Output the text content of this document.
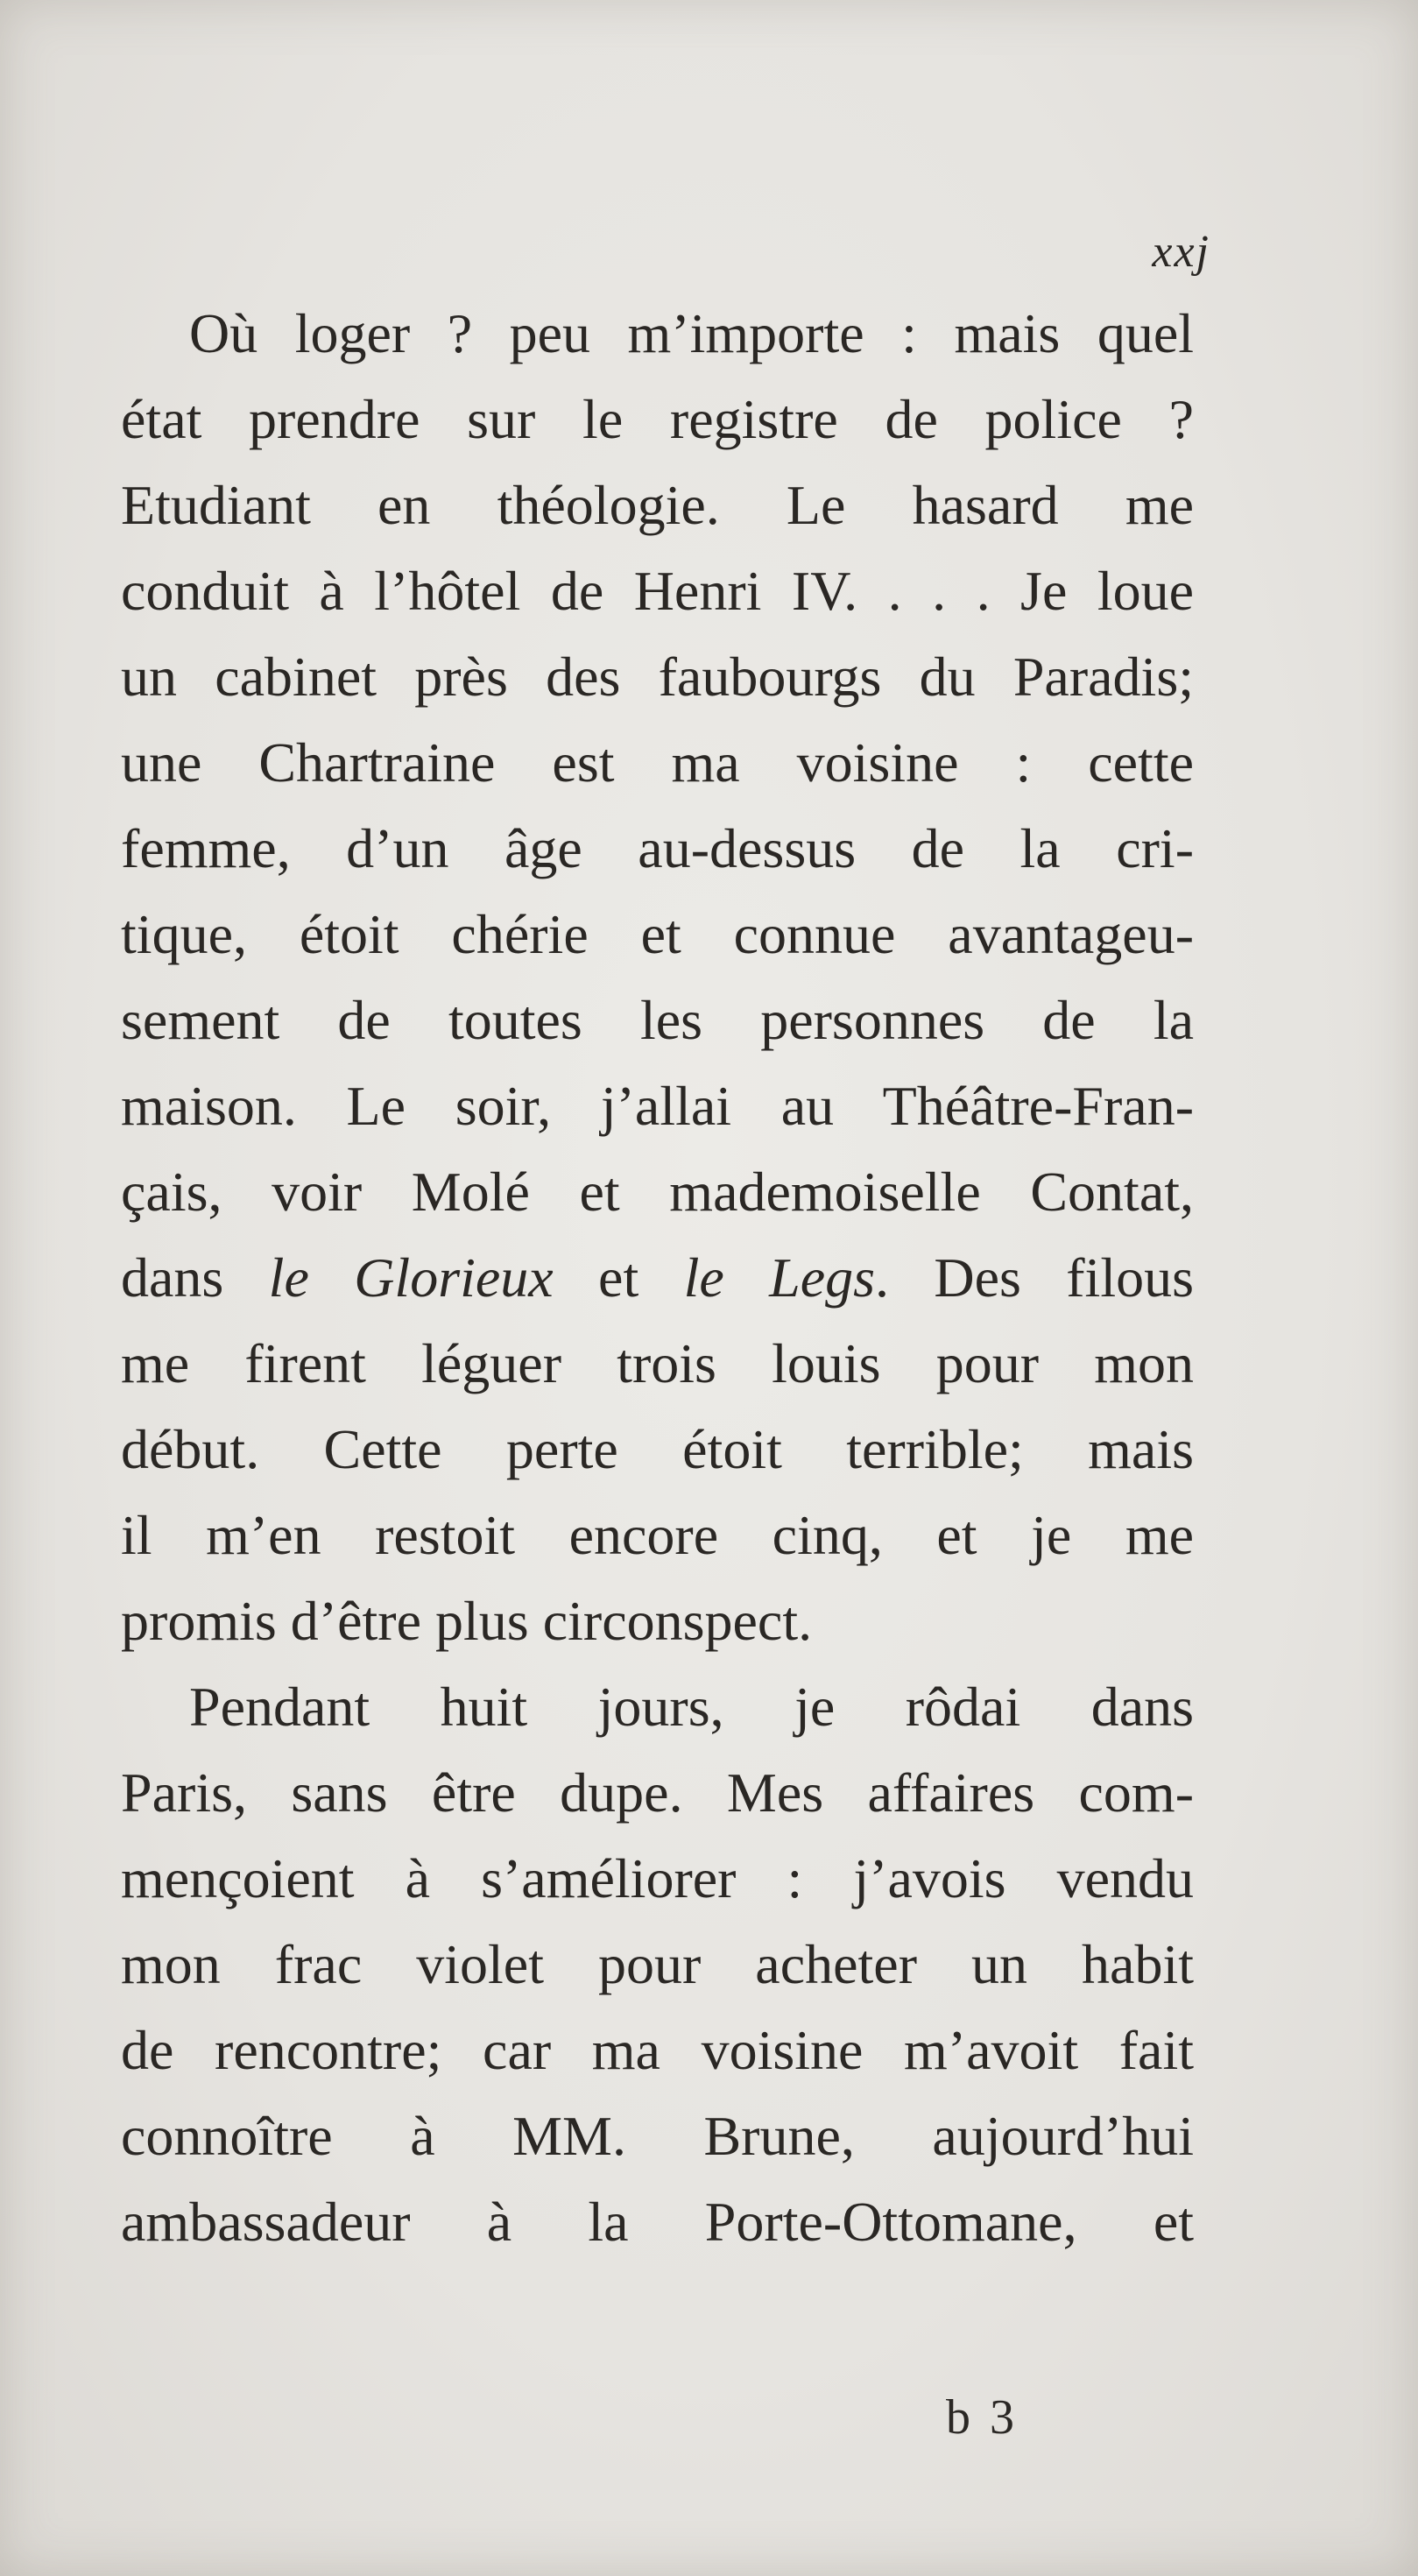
xxj
Où loger ? peu m’importe : mais quel
état prendre sur le registre de police ?
Etudiant en théologie. Le hasard me
conduit à l’hôtel de Henri IV. . . . Je loue
un cabinet près des faubourgs du Paradis;
une Chartraine est ma voisine : cette
femme, d’un âge au-dessus de la cri-
tique, étoit chérie et connue avantageu-
sement de toutes les personnes de la
maison. Le soir, j’allai au Théâtre-Fran-
çais, voir Molé et mademoiselle Contat,
dans le Glorieux et le Legs. Des filous
me firent léguer trois louis pour mon
début. Cette perte étoit terrible; mais
il m’en restoit encore cinq, et je me
promis d’être plus circonspect.
Pendant huit jours, je rôdai dans
Paris, sans être dupe. Mes affaires com-
mençoient à s’améliorer : j’avois vendu
mon frac violet pour acheter un habit
de rencontre; car ma voisine m’avoit fait
connoître à MM. Brune, aujourd’hui
ambassadeur à la Porte-Ottomane, et
b 3
